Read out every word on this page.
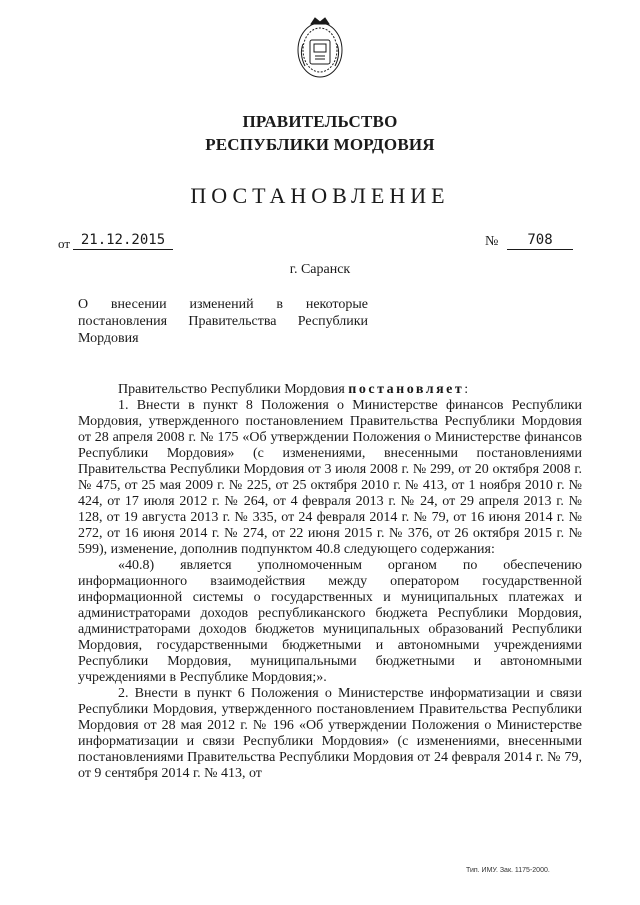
ПРАВИТЕЛЬСТВО
РЕСПУБЛИКИ МОРДОВИЯ
ПОСТАНОВЛЕНИЕ
от 21.12.2015	№	708
г. Саранск
О внесении изменений в некоторые
постановления Правительства Республики
Мордовия

Правительство Республики Мордовия постановляет:

1. Внести в пункт 8 Положения о Министерстве финансов Республики Мордовия, утвержденного постановлением Правительства Республики Мордовия от 28 апреля 2008 г. № 175 «Об утверждении Положения о Министерстве финансов Республики Мордовия» (с изменениями, внесенными постановлениями Правительства Республики Мордовия от 3 июля 2008 г. № 299, от 20 октября 2008 г. № 475, от 25 мая 2009 г. № 225, от 25 октября 2010 г. № 413, от 1 ноября 2010 г. № 424, от 17 июля 2012 г. № 264, от 4 февраля 2013 г. № 24, от 29 апреля 2013 г. № 128, от 19 августа 2013 г. № 335, от 24 февраля 2014 г. № 79, от 16 июня 2014 г. № 272, от 16 июня 2014 г. № 274, от 22 июня 2015 г. № 376, от 26 октября 2015 г. № 599), изменение, дополнив подпунктом 40.8 следующего содержания:

«40.8) является уполномоченным органом по обеспечению информационного взаимодействия между оператором государственной информационной системы о государственных и муниципальных платежах и администраторами доходов республиканского бюджета Республики Мордовия, администраторами доходов бюджетов муниципальных образований Республики Мордовия, государственными бюджетными и автономными учреждениями Республики Мордовия, муниципальными бюджетными и автономными учреждениями в Республике Мордовия;».

2. Внести в пункт 6 Положения о Министерстве информатизации и связи Республики Мордовия, утвержденного постановлением Правительства Республики Мордовия от 28 мая 2012 г. № 196 «Об утверждении Положения о Министерстве информатизации и связи Республики Мордовия» (с изменениями, внесенными постановлениями Правительства Республики Мордовия от 24 февраля 2014 г. № 79, от 9 сентября 2014 г. № 413, от

Тип. ИМУ. Зак. 1175-2000.
